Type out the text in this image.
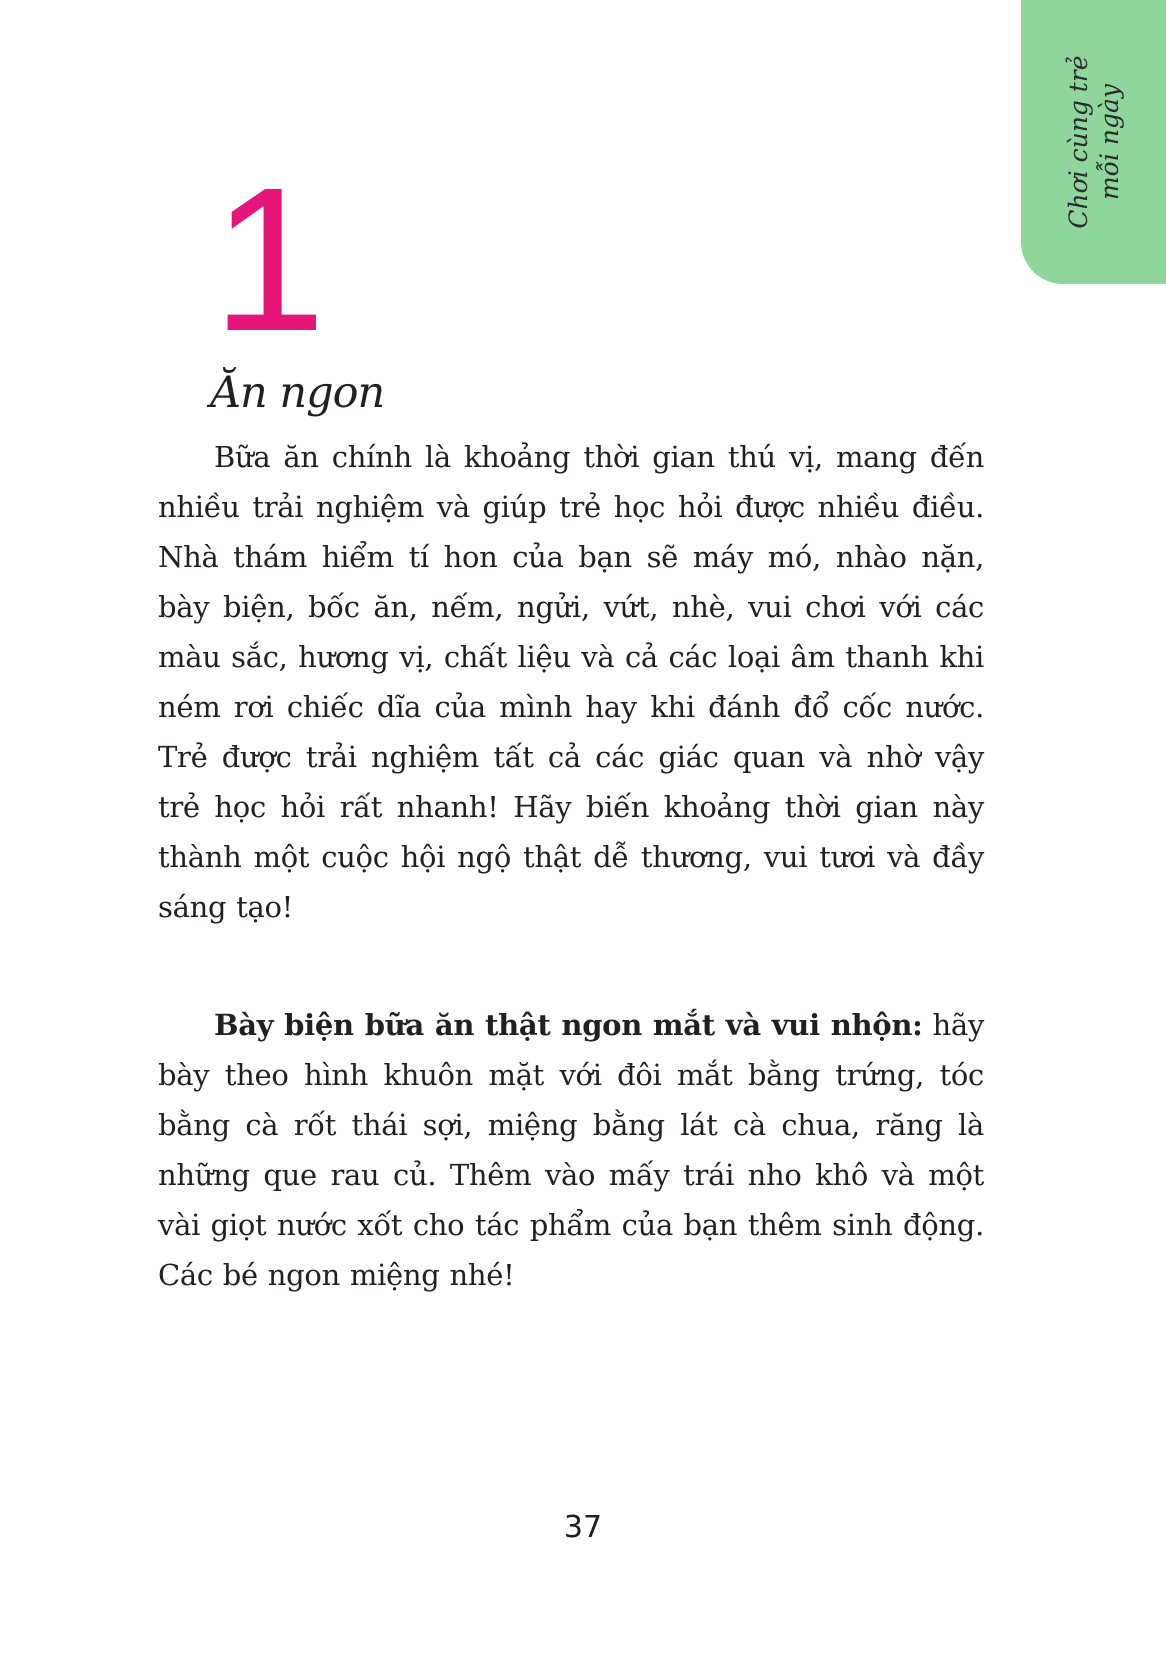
Chơi cùng trẻ mỗi ngày
1
Ăn ngon

Bữa ăn chính là khoảng thời gian thú vị, mang đến nhiều trải nghiệm và giúp trẻ học hỏi được nhiều điều. Nhà thám hiểm tí hon của bạn sẽ máy mó, nhào nặn, bày biện, bốc ăn, nếm, ngửi, vứt, nhè, vui chơi với các màu sắc, hương vị, chất liệu và cả các loại âm thanh khi ném rơi chiếc dĩa của mình hay khi đánh đổ cốc nước. Trẻ được trải nghiệm tất cả các giác quan và nhờ vậy trẻ học hỏi rất nhanh! Hãy biến khoảng thời gian này thành một cuộc hội ngộ thật dễ thương, vui tươi và đầy sáng tạo!

Bày biện bữa ăn thật ngon mắt và vui nhộn: hãy bày theo hình khuôn mặt với đôi mắt bằng trứng, tóc bằng cà rốt thái sợi, miệng bằng lát cà chua, răng là những que rau củ. Thêm vào mấy trái nho khô và một vài giọt nước xốt cho tác phẩm của bạn thêm sinh động. Các bé ngon miệng nhé!

37
